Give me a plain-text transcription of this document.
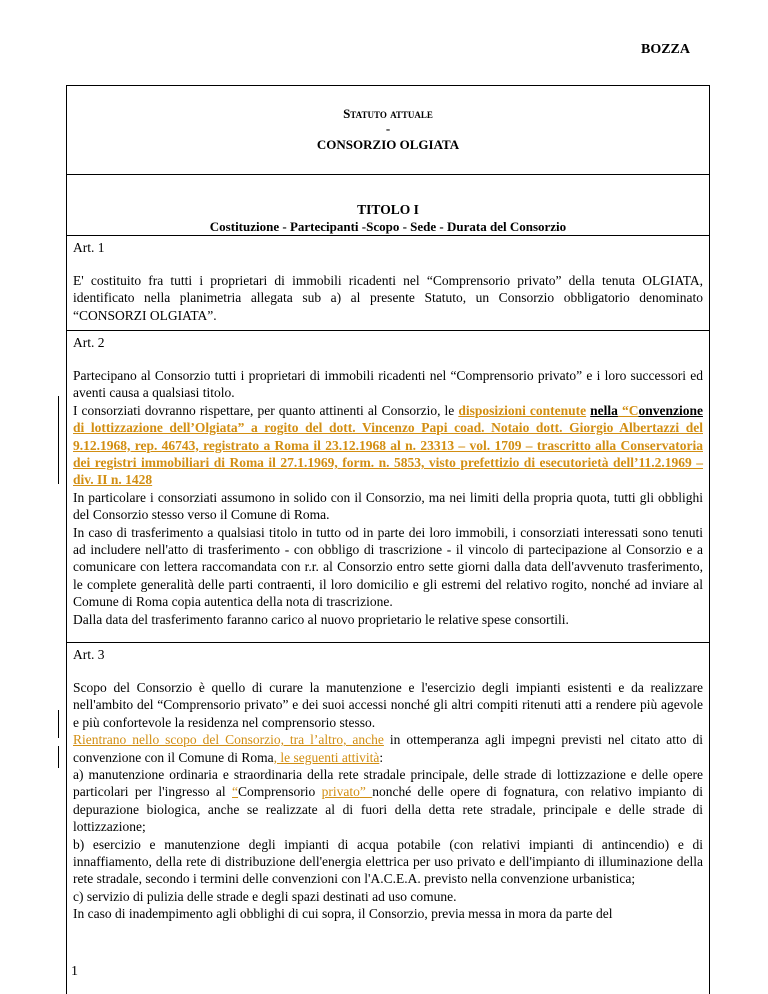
BOZZA
Statuto attuale
-
CONSORZIO OLGIATA
TITOLO I
Costituzione - Partecipanti -Scopo - Sede - Durata del Consorzio
Art. 1

E' costituito fra tutti i proprietari di immobili ricadenti nel “Comprensorio privato” della tenuta OLGIATA, identificato nella planimetria allegata sub a) al presente Statuto, un Consorzio obbligatorio denominato “CONSORZI OLGIATA”.

Art. 2

Partecipano al Consorzio tutti i proprietari di immobili ricadenti nel “Comprensorio privato” e i loro successori ed aventi causa a qualsiasi titolo.

I consorziati dovranno rispettare, per quanto attinenti al Consorzio, le disposizioni contenute nella “Convenzione di lottizzazione dell’Olgiata” a rogito del dott. Vincenzo Papi coad. Notaio dott. Giorgio Albertazzi del 9.12.1968, rep. 46743, registrato a Roma il 23.12.1968 al n. 23313 – vol. 1709 – trascritto alla Conservatoria dei registri immobiliari di Roma il 27.1.1969, form. n. 5853, visto prefettizio di esecutorietà dell’11.2.1969 – div. II n. 1428

In particolare i consorziati assumono in solido con il Consorzio, ma nei limiti della propria quota, tutti gli obblighi del Consorzio stesso verso il Comune di Roma.

In caso di trasferimento a qualsiasi titolo in tutto od in parte dei loro immobili, i consorziati interessati sono tenuti ad includere nell'atto di trasferimento - con obbligo di trascrizione - il vincolo di partecipazione al Consorzio e a comunicare con lettera raccomandata con r.r. al Consorzio entro sette giorni dalla data dell'avvenuto trasferimento, le complete generalità delle parti contraenti, il loro domicilio e gli estremi del relativo rogito, nonché ad inviare al Comune di Roma copia autentica della nota di trascrizione.

Dalla data del trasferimento faranno carico al nuovo proprietario le relative spese consortili.

Art. 3

Scopo del Consorzio è quello di curare la manutenzione e l'esercizio degli impianti esistenti e da realizzare nell'ambito del “Comprensorio privato” e dei suoi accessi nonché gli altri compiti ritenuti atti a rendere più agevole e più confortevole la residenza nel comprensorio stesso.

Rientrano nello scopo del Consorzio, tra l’altro, anche in ottemperanza agli impegni previsti nel citato atto di convenzione con il Comune di Roma, le seguenti attività:

a) manutenzione ordinaria e straordinaria della rete stradale principale, delle strade di lottizzazione e delle opere particolari per l'ingresso al “Comprensorio privato” nonché delle opere di fognatura, con relativo impianto di depurazione biologica, anche se realizzate al di fuori della detta rete stradale, principale e delle strade di lottizzazione;

b) esercizio e manutenzione degli impianti di acqua potabile (con relativi impianti di antincendio) e di innaffiamento, della rete di distribuzione dell'energia elettrica per uso privato e dell'impianto di illuminazione della rete stradale, secondo i termini delle convenzioni con l'A.C.E.A. previsto nella convenzione urbanistica;

c) servizio di pulizia delle strade e degli spazi destinati ad uso comune.

In caso di inadempimento agli obblighi di cui sopra, il Consorzio, previa messa in mora da parte del

1
